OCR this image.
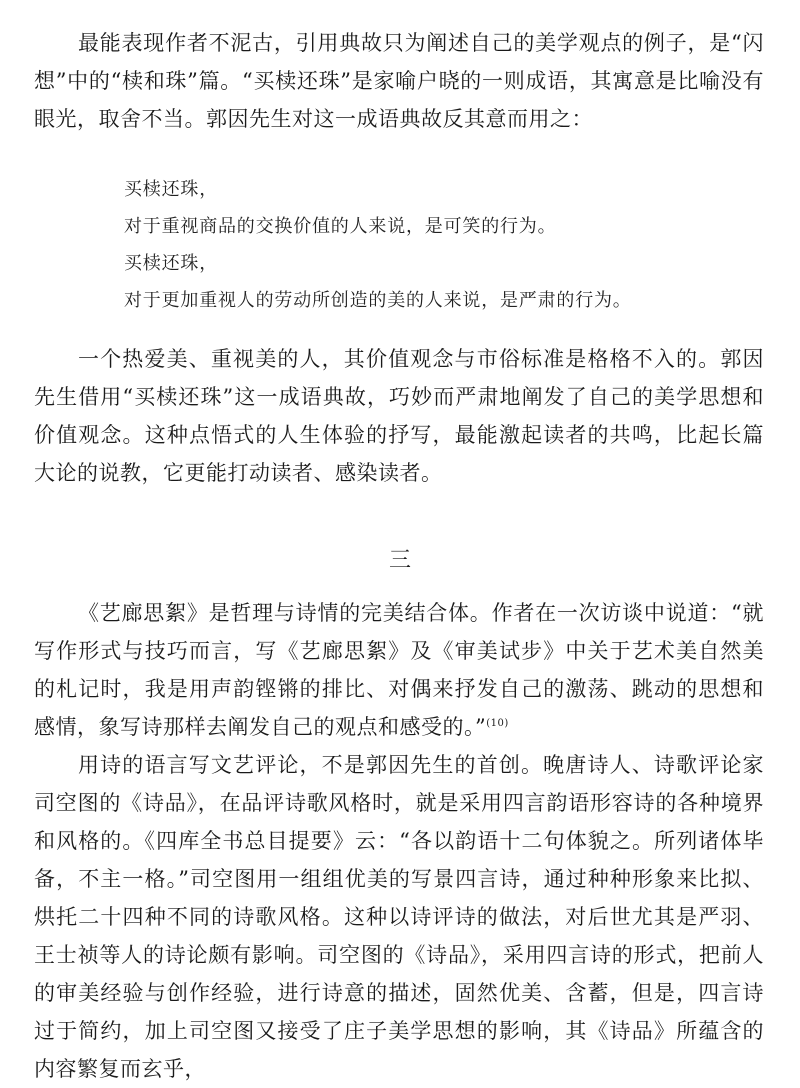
最能表现作者不泥古，引用典故只为阐述自己的美学观点的例子，是“闪想”中的“椟和珠”篇。“买椟还珠”是家喻户晓的一则成语，其寓意是比喻没有眼光，取舍不当。郭因先生对这一成语典故反其意而用之：

买椟还珠，
对于重视商品的交换价值的人来说，是可笑的行为。
买椟还珠，
对于更加重视人的劳动所创造的美的人来说，是严肃的行为。

一个热爱美、重视美的人，其价值观念与市俗标准是格格不入的。郭因先生借用“买椟还珠”这一成语典故，巧妙而严肃地阐发了自己的美学思想和价值观念。这种点悟式的人生体验的抒写，最能激起读者的共鸣，比起长篇大论的说教，它更能打动读者、感染读者。

三

《艺廊思絮》是哲理与诗情的完美结合体。作者在一次访谈中说道：“就写作形式与技巧而言，写《艺廊思絮》及《审美试步》中关于艺术美自然美的札记时，我是用声韵铿锵的排比、对偶来抒发自己的激荡、跳动的思想和感情，象写诗那样去阐发自己的观点和感受的。”$^{(10)}$

用诗的语言写文艺评论，不是郭因先生的首创。晚唐诗人、诗歌评论家司空图的《诗品》，在品评诗歌风格时，就是采用四言韵语形容诗的各种境界和风格的。《四库全书总目提要》云：“各以韵语十二句体貌之。所列诸体毕备，不主一格。”司空图用一组组优美的写景四言诗，通过种种形象来比拟、烘托二十四种不同的诗歌风格。这种以诗评诗的做法，对后世尤其是严羽、王士祯等人的诗论颇有影响。司空图的《诗品》，采用四言诗的形式，把前人的审美经验与创作经验，进行诗意的描述，固然优美、含蓄，但是，四言诗过于简约，加上司空图又接受了庄子美学思想的影响，其《诗品》所蕴含的内容繁复而玄乎，
